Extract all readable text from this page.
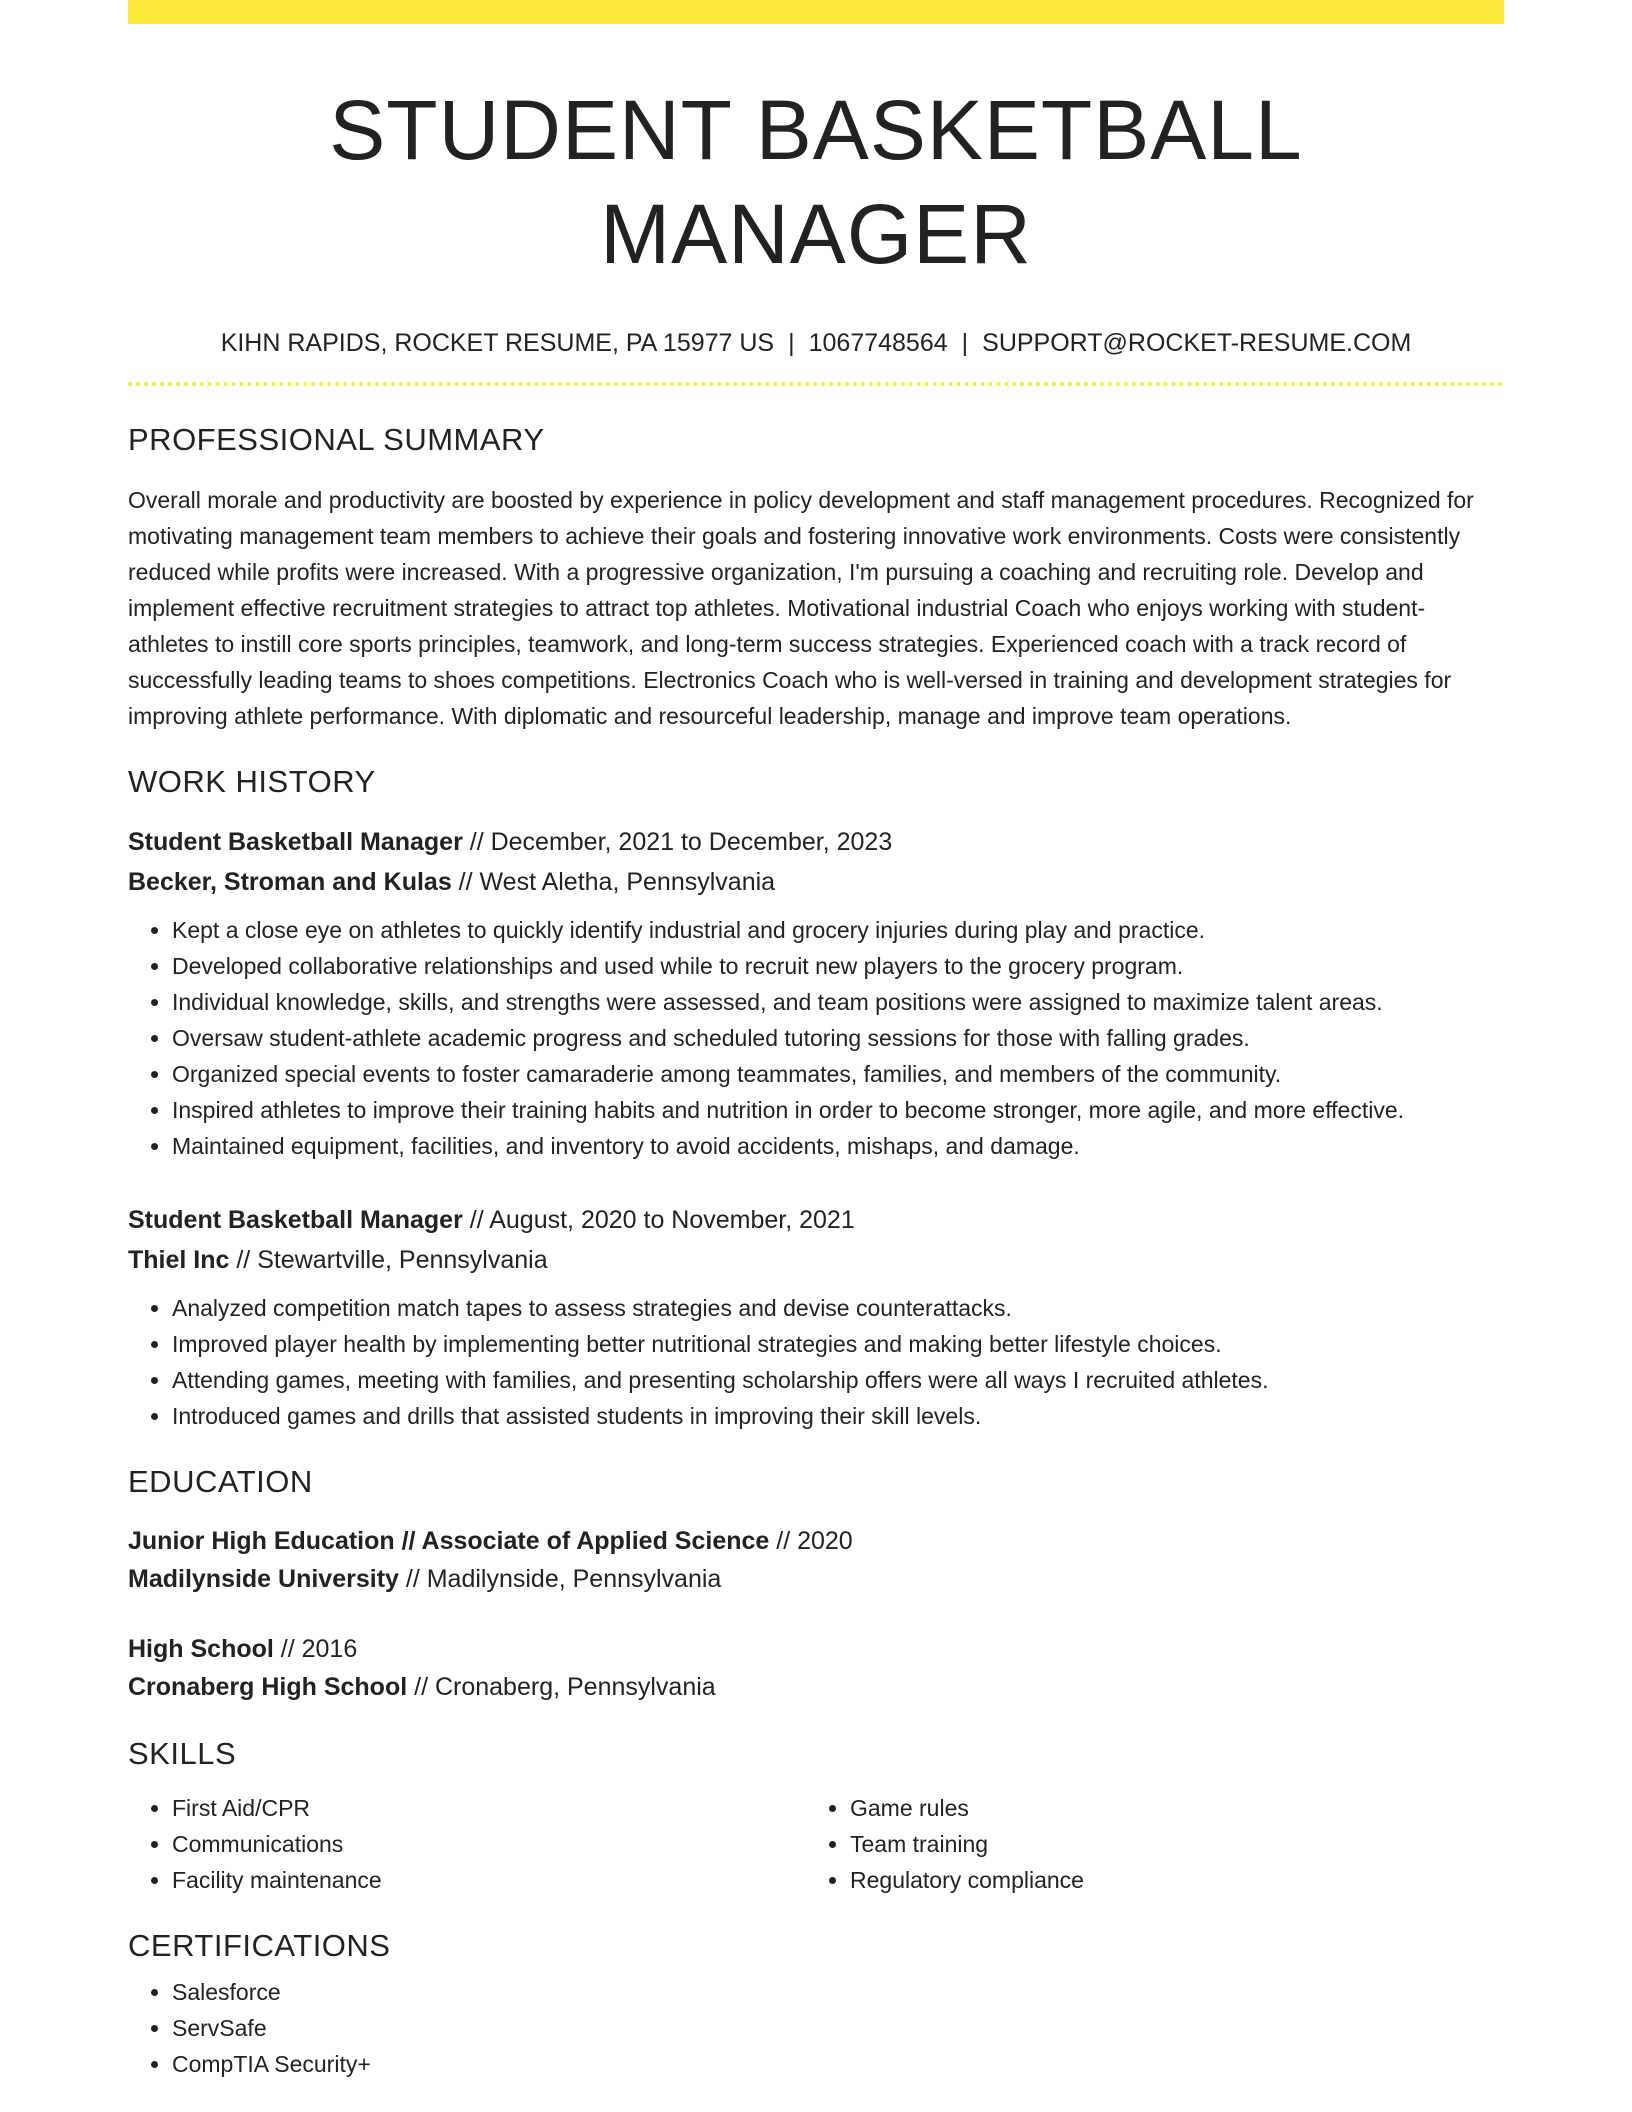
STUDENT BASKETBALL MANAGER
KIHN RAPIDS, ROCKET RESUME, PA 15977 US | 1067748564 | SUPPORT@ROCKET-RESUME.COM
PROFESSIONAL SUMMARY

Overall morale and productivity are boosted by experience in policy development and staff management procedures. Recognized for motivating management team members to achieve their goals and fostering innovative work environments. Costs were consistently reduced while profits were increased. With a progressive organization, I'm pursuing a coaching and recruiting role. Develop and implement effective recruitment strategies to attract top athletes. Motivational industrial Coach who enjoys working with student-athletes to instill core sports principles, teamwork, and long-term success strategies. Experienced coach with a track record of successfully leading teams to shoes competitions. Electronics Coach who is well-versed in training and development strategies for improving athlete performance. With diplomatic and resourceful leadership, manage and improve team operations.

WORK HISTORY
Student Basketball Manager // December, 2021 to December, 2023
Becker, Stroman and Kulas // West Aletha, Pennsylvania
• Kept a close eye on athletes to quickly identify industrial and grocery injuries during play and practice.
• Developed collaborative relationships and used while to recruit new players to the grocery program.
• Individual knowledge, skills, and strengths were assessed, and team positions were assigned to maximize talent areas.
• Oversaw student-athlete academic progress and scheduled tutoring sessions for those with falling grades.
• Organized special events to foster camaraderie among teammates, families, and members of the community.
• Inspired athletes to improve their training habits and nutrition in order to become stronger, more agile, and more effective.
• Maintained equipment, facilities, and inventory to avoid accidents, mishaps, and damage.
Student Basketball Manager // August, 2020 to November, 2021
Thiel Inc // Stewartville, Pennsylvania
• Analyzed competition match tapes to assess strategies and devise counterattacks.
• Improved player health by implementing better nutritional strategies and making better lifestyle choices.
• Attending games, meeting with families, and presenting scholarship offers were all ways I recruited athletes.
• Introduced games and drills that assisted students in improving their skill levels.
EDUCATION
Junior High Education // Associate of Applied Science // 2020
Madilynside University // Madilynside, Pennsylvania
High School // 2016
Cronaberg High School // Cronaberg, Pennsylvania
SKILLS
• First Aid/CPR
• Communications
• Facility maintenance
• Game rules
• Team training
• Regulatory compliance
CERTIFICATIONS
• Salesforce
• ServSafe
• CompTIA Security+
